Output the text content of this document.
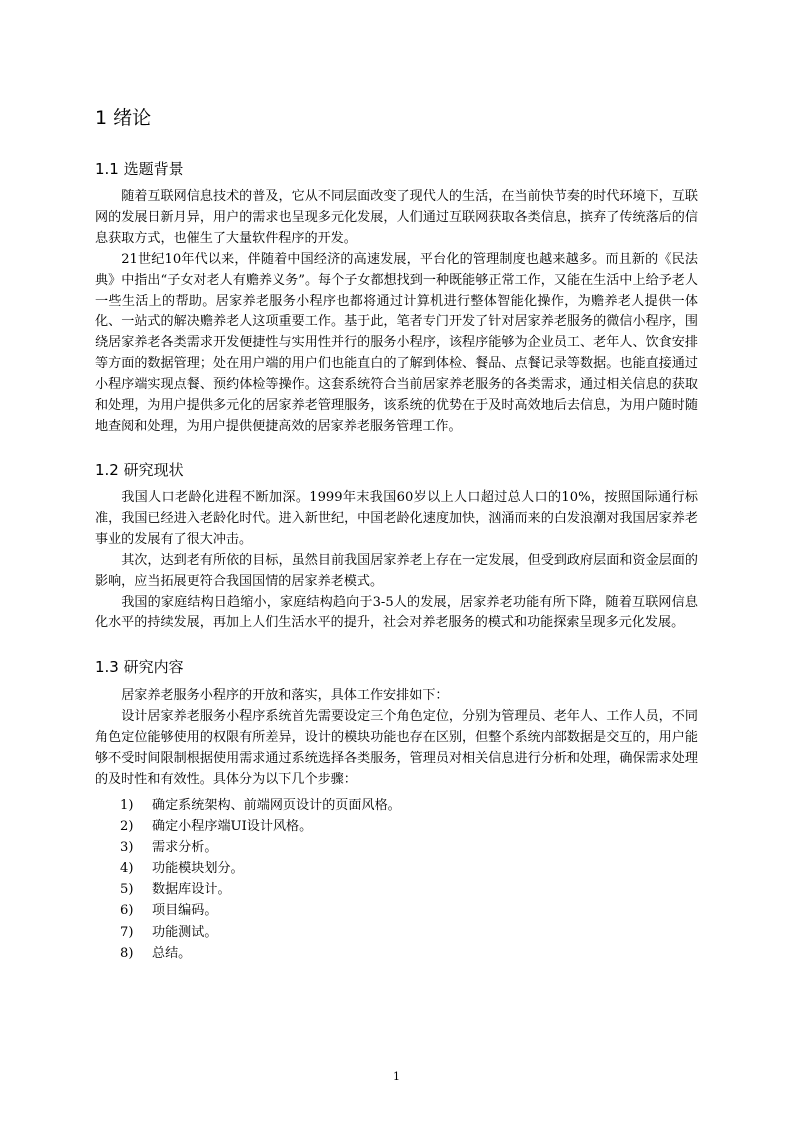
1 绪论
1.1 选题背景

随着互联网信息技术的普及，它从不同层面改变了现代人的生活，在当前快节奏的时代环境下，互联网的发展日新月异，用户的需求也呈现多元化发展，人们通过互联网获取各类信息，摈弃了传统落后的信息获取方式，也催生了大量软件程序的开发。

21世纪10年代以来，伴随着中国经济的高速发展，平台化的管理制度也越来越多。而且新的《民法典》中指出“子女对老人有赡养义务”。每个子女都想找到一种既能够正常工作，又能在生活中上给予老人一些生活上的帮助。居家养老服务小程序也都将通过计算机进行整体智能化操作，为赡养老人提供一体化、一站式的解决赡养老人这项重要工作。基于此，笔者专门开发了针对居家养老服务的微信小程序，围绕居家养老各类需求开发便捷性与实用性并行的服务小程序，该程序能够为企业员工、老年人、饮食安排等方面的数据管理；处在用户端的用户们也能直白的了解到体检、餐品、点餐记录等数据。也能直接通过小程序端实现点餐、预约体检等操作。这套系统符合当前居家养老服务的各类需求，通过相关信息的获取和处理，为用户提供多元化的居家养老管理服务，该系统的优势在于及时高效地后去信息，为用户随时随地查阅和处理，为用户提供便捷高效的居家养老服务管理工作。

1.2 研究现状

我国人口老龄化进程不断加深。1999年末我国60岁以上人口超过总人口的10%，按照国际通行标准，我国已经进入老龄化时代。进入新世纪，中国老龄化速度加快，汹涌而来的白发浪潮对我国居家养老事业的发展有了很大冲击。

其次，达到老有所依的目标，虽然目前我国居家养老上存在一定发展，但受到政府层面和资金层面的影响，应当拓展更符合我国国情的居家养老模式。

我国的家庭结构日趋缩小，家庭结构趋向于3-5人的发展，居家养老功能有所下降，随着互联网信息化水平的持续发展，再加上人们生活水平的提升，社会对养老服务的模式和功能探索呈现多元化发展。

1.3 研究内容

居家养老服务小程序的开放和落实，具体工作安排如下：

设计居家养老服务小程序系统首先需要设定三个角色定位，分别为管理员、老年人、工作人员，不同角色定位能够使用的权限有所差异，设计的模块功能也存在区别，但整个系统内部数据是交互的，用户能够不受时间限制根据使用需求通过系统选择各类服务，管理员对相关信息进行分析和处理，确保需求处理的及时性和有效性。具体分为以下几个步骤：

1) 确定系统架构、前端网页设计的页面风格。
2) 确定小程序端UI设计风格。
3) 需求分析。
4) 功能模块划分。
5) 数据库设计。
6) 项目编码。
7) 功能测试。
8) 总结。
1
